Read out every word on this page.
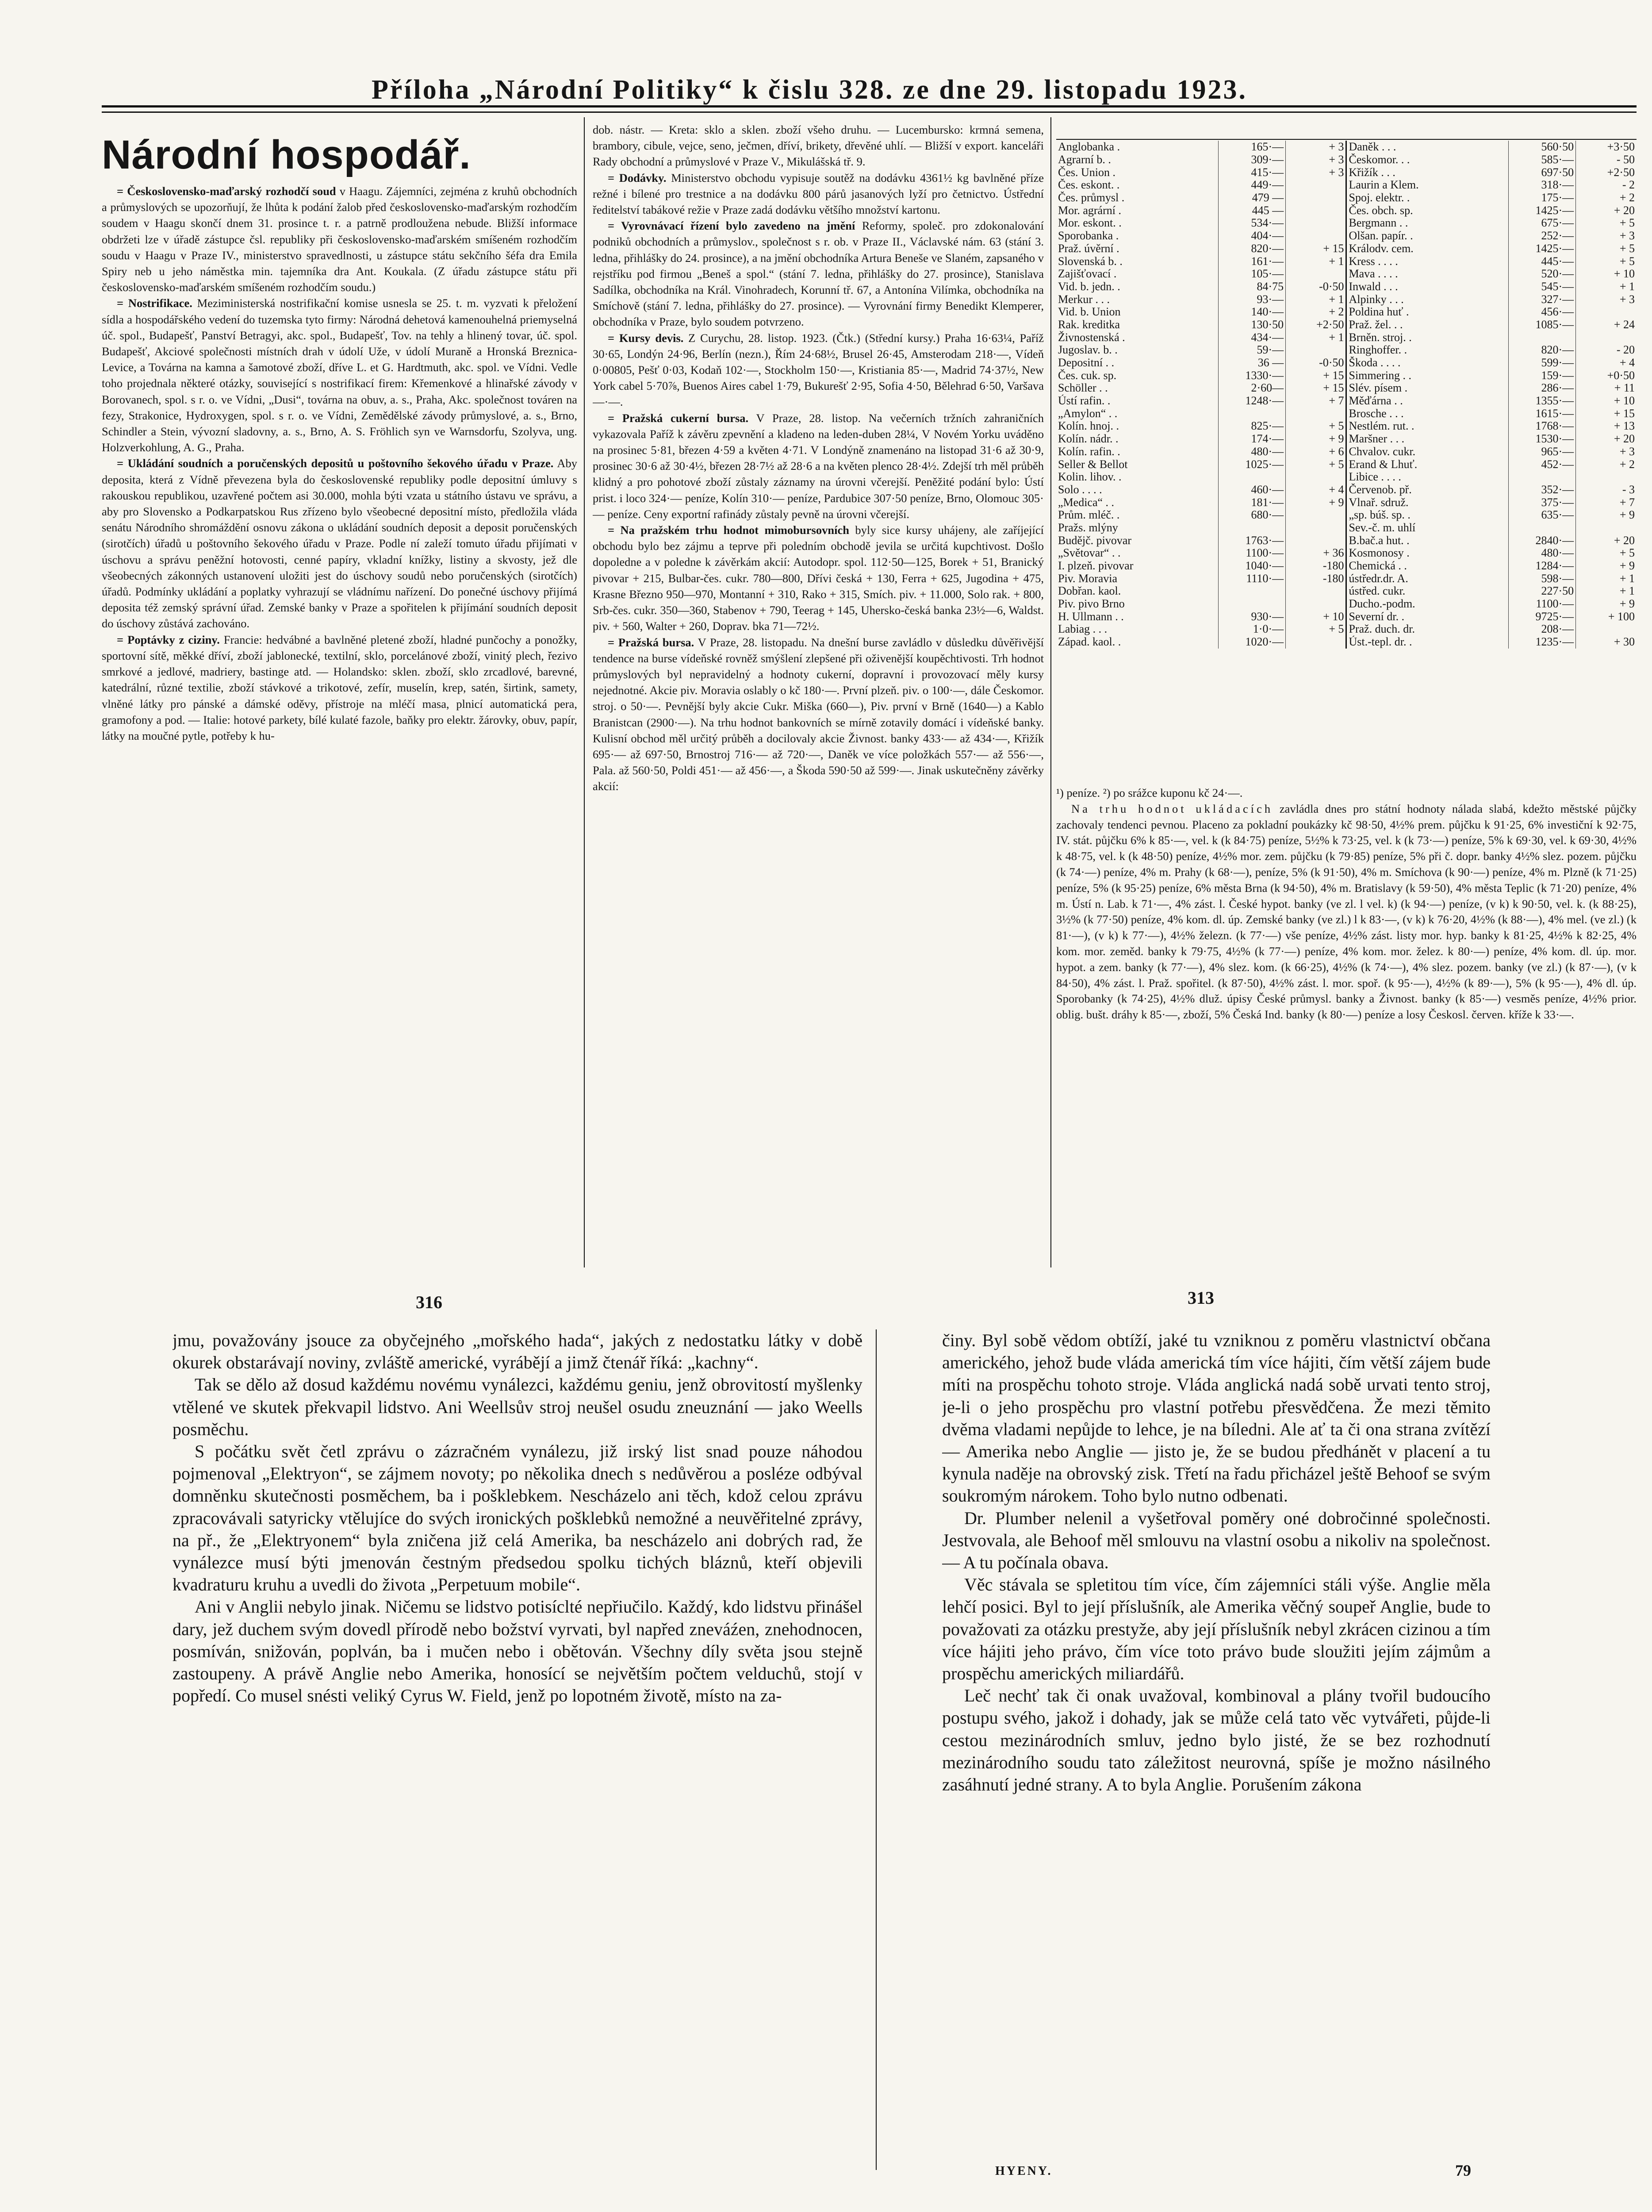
Příloha „Národní Politiky“ k čislu 328. ze dne 29. listopadu 1923.
Národní hospodář.

= Československo-maďarský rozhodčí soud v Haagu. Zájemníci, zejména z kruhů obchodních a průmyslových se upozorňují, že lhůta k podání žalob před československo-maďarským rozhodčím soudem v Haagu skončí dnem 31. prosince t. r. a patrně prodloužena nebude. Bližší informace obdržeti lze v úřadě zástupce čsl. republiky při československo-maďarském smíšeném rozhodčím soudu v Haagu v Praze IV., ministerstvo spravedlnosti, u zástupce státu sekčního šéfa dra Emila Spiry neb u jeho náměstka min. tajemníka dra Ant. Koukala. (Z úřadu zástupce státu při československo-maďarském smíšeném rozhodčím soudu.)

= Nostrifikace. Meziministerská nostrifikační komise usnesla se 25. t. m. vyzvati k přeložení sídla a hospodářského vedení do tuzemska tyto firmy: Národná dehetová kamenouhelná priemyselná úč. spol., Budapešť, Panství Betragyi, akc. spol., Budapešť, Tov. na tehly a hlinený tovar, úč. spol. Budapešť, Akciové společnosti místních drah v údolí Uže, v údolí Muraně a Hronská Breznica-Levice, a Továrna na kamna a šamotové zboží, dříve L. et G. Hardtmuth, akc. spol. ve Vídni. Vedle toho projednala některé otázky, související s nostrifikací firem: Křemenkové a hlinařské závody v Borovanech, spol. s r. o. ve Vídni, „Dusi“, továrna na obuv, a. s., Praha, Akc. společnost továren na fezy, Strakonice, Hydroxygen, spol. s r. o. ve Vídni, Zemědělské závody průmyslové, a. s., Brno, Schindler a Stein, vývozní sladovny, a. s., Brno, A. S. Fröhlich syn ve Warnsdorfu, Szolyva, ung. Holzverkohlung, A. G., Praha.

= Ukládání soudních a poručenských depositů u poštovního šekového úřadu v Praze. Aby deposita, která z Vídně převezena byla do československé republiky podle depositní úmluvy s rakouskou republikou, uzavřené počtem asi 30.000, mohla býti vzata u státního ústavu ve správu, a aby pro Slovensko a Podkarpatskou Rus zřízeno bylo všeobecné depositní místo, předložila vláda senátu Národního shromáždění osnovu zákona o ukládání soudních deposit a deposit poručenských (sirotčích) úřadů u poštovního šekového úřadu v Praze. Podle ní zaleží tomuto úřadu přijímati v úschovu a správu peněžní hotovosti, cenné papíry, vkladní knížky, listiny a skvosty, jež dle všeobecných zákonných ustanovení uložiti jest do úschovy soudů nebo poručenských (sirotčích) úřadů. Podmínky ukládání a poplatky vyhrazují se vládnímu nařízení. Do ponečné úschovy přijímá deposita též zemský správní úřad. Zemské banky v Praze a spořitelen k přijímání soudních deposit do úschovy zůstává zachováno.

= Poptávky z ciziny. Francie: hedvábné a bavlněné pletené zboží, hladné punčochy a ponožky, sportovní sítě, měkké dříví, zboží jablonecké, textilní, sklo, porcelánové zboží, vinitý plech, řezivo smrkové a jedlové, madriery, bastinge atd. — Holandsko: sklen. zboží, sklo zrcadlové, barevné, katedrální, různé textilie, zboží stávkové a trikotové, zefír, muselín, krep, satén, širtink, samety, vlněné látky pro pánské a dámské oděvy, přístroje na mléčí masa, plnicí automatická pera, gramofony a pod. — Italie: hotové parkety, bílé kulaté fazole, baňky pro elektr. žárovky, obuv, papír, látky na moučné pytle, potřeby k hu-

dob. nástr. — Kreta: sklo a sklen. zboží všeho druhu. — Lucembursko: krmná semena, brambory, cibule, vejce, seno, ječmen, dříví, brikety, dřevěné uhlí. — Bližší v export. kanceláři Rady obchodní a průmyslové v Praze V., Mikulášská tř. 9.

= Dodávky. Ministerstvo obchodu vypisuje soutěž na dodávku 4361½ kg bavlněné příze režné i bílené pro trestnice a na dodávku 800 párů jasanových lyží pro četnictvo. Ústřední ředitelství tabákové režie v Praze zadá dodávku většího množství kartonu.

= Vyrovnávací řízení bylo zavedeno na jmění Reformy, společ. pro zdokonalování podniků obchodních a průmyslov., společnost s r. ob. v Praze II., Václavské nám. 63 (stání 3. ledna, přihlášky do 24. prosince), a na jmění obchodníka Artura Beneše ve Slaném, zapsaného v rejstříku pod firmou „Beneš a spol.“ (stání 7. ledna, přihlášky do 27. prosince), Stanislava Sadílka, obchodníka na Král. Vinohradech, Korunní tř. 67, a Antonína Vilímka, obchodníka na Smíchově (stání 7. ledna, přihlášky do 27. prosince). — Vyrovnání firmy Benedikt Klemperer, obchodníka v Praze, bylo soudem potvrzeno.

= Kursy devis. Z Curychu, 28. listop. 1923. (Čtk.) (Střední kursy.) Praha 16·63¼, Paříž 30·65, Londýn 24·96, Berlín (nezn.), Řím 24·68½, Brusel 26·45, Amsterodam 218·—, Vídeň 0·00805, Pešť 0·03, Kodaň 102·—, Stockholm 150·—, Kristiania 85·—, Madrid 74·37½, New York cabel 5·70⅞, Buenos Aires cabel 1·79, Bukurešť 2·95, Sofia 4·50, Bělehrad 6·50, Varšava —·—.

= Pražská cukerní bursa. V Praze, 28. listop. Na večerních tržních zahraničních vykazovala Paříž k závěru zpevnění a kladeno na leden-duben 28¼, V Novém Yorku uváděno na prosinec 5·81, březen 4·59 a květen 4·71. V Londýně znamenáno na listopad 31·6 až 30·9, prosinec 30·6 až 30·4½, březen 28·7½ až 28·6 a na květen plenco 28·4½. Zdejší trh měl průběh klidný a pro pohotové zboží zůstaly záznamy na úrovni včerejší. Peněžité podání bylo: Ústí prist. i loco 324·— peníze, Kolín 310·— peníze, Pardubice 307·50 peníze, Brno, Olomouc 305·— peníze. Ceny exportní rafinády zůstaly pevně na úrovni včerejší.

= Na pražském trhu hodnot mimobursovních byly sice kursy uhájeny, ale zaříjející obchodu bylo bez zájmu a teprve při poledním obchodě jevila se určitá kupchtivost. Došlo dopoledne a v poledne k závěrkám akcií: Autodopr. spol. 112·50—125, Borek + 51, Branický pivovar + 215, Bulbar-čes. cukr. 780—800, Dřívi česká + 130, Ferra + 625, Jugodina + 475, Krasne Březno 950—970, Montanní + 310, Rako + 315, Smích. piv. + 11.000, Solo rak. + 800, Srb-čes. cukr. 350—360, Stabenov + 790, Teerag + 145, Uhersko-česká banka 23½—6, Waldst. piv. + 560, Walter + 260, Doprav. bka 71—72½.

= Pražská bursa. V Praze, 28. listopadu. Na dnešní burse zavládlo v důsledku důvěřivější tendence na burse vídeňské rovněž smýšlení zlepšené při oživenější koupěchtivosti. Trh hodnot průmyslových byl nepravidelný a hodnoty cukerní, dopravní i provozovací měly kursy nejednotné. Akcie piv. Moravia oslably o kč 180·—. První plzeň. piv. o 100·—, dále Českomor. stroj. o 50·—. Pevnější byly akcie Cukr. Miška (660—), Piv. první v Brně (1640—) a Kablo Branistcan (2900·—). Na trhu hodnot bankovních se mírně zotavily domácí i vídeňské banky. Kulisní obchod měl určitý průběh a docilovaly akcie Živnost. banky 433·— až 434·—, Křižík 695·— až 697·50, Brnostroj 716·— až 720·—, Daněk ve více položkách 557·— až 556·—, Pala. až 560·50, Poldi 451·— až 456·—, a Škoda 590·50 až 599·—. Jinak uskutečněny závěrky akcií:

Anglobanka .	165·—	+ 3	Daněk . . .	560·50	+3·50
Agrarní b. .	309·—	+ 3	Českomor. . .	585·—	- 50
Čes. Union .	415·—	+ 3	Křižík . . .	697·50	+2·50
Čes. eskont. .	449·—		Laurin a Klem.	318·—	- 2
Čes. průmysl .	479 —		Spoj. elektr. .	175·—	+ 2
Mor. agrární .	445 —		Čes. obch. sp.	1425·—	+ 20
Mor. eskont. .	534·—		Bergmann . .	675·—	+ 5
Sporobanka .	404·—		Olšan. papír. .	252·—	+ 3
Praž. úvěrní .	820·—	+ 15	Králodv. cem.	1425·—	+ 5
Slovenská b. .	161·—	+ 1	Kress . . . .	445·—	+ 5
Zajišťovací .	105·—		Mava . . . .	520·—	+ 10
Vid. b. jedn. .	84·75	-0·50	Inwald . . .	545·—	+ 1
Merkur . . .	93·—	+ 1	Alpinky . . .	327·—	+ 3
Vid. b. Union	140·—	+ 2	Poldina huť .	456·—	
Rak. kreditka	130·50	+2·50	Praž. žel. . .	1085·—	+ 24
Živnostenská .	434·—	+ 1	Brněn. stroj. .		
Jugoslav. b. .	59·—		Ringhoffer. .	820·—	- 20
Depositní . .	36 —	-0·50	Škoda . . . .	599·—	+ 4
Čes. cuk. sp.	1330·—	+ 15	Simmering . .	159·—	+0·50
Schöller . .	2·60—	+ 15	Slév. písem .	286·—	+ 11
Ústí rafin. .	1248·—	+ 7	Měďárna . .	1355·—	+ 10
„Amylon“ . .			Brosche . . .	1615·—	+ 15
Kolín. hnoj. .	825·—	+ 5	Nestlém. rut. .	1768·—	+ 13
Kolín. nádr. .	174·—	+ 9	Maršner . . .	1530·—	+ 20
Kolín. rafin. .	480·—	+ 6	Chvalov. cukr.	965·—	+ 3
Seller & Bellot	1025·—	+ 5	Erand & Lhuť.	452·—	+ 2
Kolin. lihov. .			Libice . . . .		
Solo . . . .	460·—	+ 4	Červenob. př.	352·—	- 3
„Medica“ . .	181·—	+ 9	Vlnař. sdruž.	375·—	+ 7
Prům. mléč. .	680·—		„sp. búš. sp. .	635·—	+ 9
Pražs. mlýny			Sev.-č. m. uhlí		
Budějč. pivovar	1763·—		B.bač.a hut. .	2840·—	+ 20
„Světovar“ . .	1100·—	+ 36	Kosmonosy .	480·—	+ 5
I. plzeň. pivovar	1040·—	-180	Chemická . .	1284·—	+ 9
Piv. Moravia	1110·—	-180	ústředr.dr. A.	598·—	+ 1
Dobřan. kaol.			ústřed. cukr.	227·50	+ 1
Piv. pivo Brno			Ducho.-podm.	1100·—	+ 9
H. Ullmann . .	930·—	+ 10	Severní dr. .	9725·—	+ 100
Labiag . . .	1·0·—	+ 5	Praž. duch. dr.	208·—	
Západ. kaol. .	1020·—		Úst.-tepl. dr. .	1235·—	+ 30

¹) peníze. ²) po srážce kuponu kč 24·—.

Na trhu hodnot ukládacích zavládla dnes pro státní hodnoty nálada slabá, kdežto městské půjčky zachovaly tendenci pevnou. Placeno za pokladní poukázky kč 98·50, 4½% prem. půjčku k 91·25, 6% investiční k 92·75, IV. stát. půjčku 6% k 85·—, vel. k (k 84·75) peníze, 5½% k 73·25, vel. k (k 73·—) peníze, 5% k 69·30, vel. k 69·30, 4½% k 48·75, vel. k (k 48·50) peníze, 4½% mor. zem. půjčku (k 79·85) peníze, 5% při č. dopr. banky 4½% slez. pozem. půjčku (k 74·—) peníze, 4% m. Prahy (k 68·—), peníze, 5% (k 91·50), 4% m. Smíchova (k 90·—) peníze, 4% m. Plzně (k 71·25) peníze, 5% (k 95·25) peníze, 6% města Brna (k 94·50), 4% m. Bratislavy (k 59·50), 4% města Teplic (k 71·20) peníze, 4% m. Ústí n. Lab. k 71·—, 4% zást. l. České hypot. banky (ve zl. l vel. k) (k 94·—) peníze, (v k) k 90·50, vel. k. (k 88·25), 3½% (k 77·50) peníze, 4% kom. dl. úp. Zemské banky (ve zl.) l k 83·—, (v k) k 76·20, 4½% (k 88·—), 4% mel. (ve zl.) (k 81·—), (v k) k 77·—), 4½% železn. (k 77·—) vše peníze, 4½% zást. listy mor. hyp. banky k 81·25, 4½% k 82·25, 4% kom. mor. zeměd. banky k 79·75, 4½% (k 77·—) peníze, 4% kom. mor. želez. k 80·—) peníze, 4% kom. dl. úp. mor. hypot. a zem. banky (k 77·—), 4% slez. kom. (k 66·25), 4½% (k 74·—), 4% slez. pozem. banky (ve zl.) (k 87·—), (v k 84·50), 4% zást. l. Praž. spořitel. (k 87·50), 4½% zást. l. mor. spoř. (k 95·—), 4½% (k 89·—), 5% (k 95·—), 4% dl. úp. Sporobanky (k 74·25), 4½% dluž. úpisy České průmysl. banky a Živnost. banky (k 85·—) vesměs peníze, 4½% prior. oblig. bušt. dráhy k 85·—, zboží, 5% Česká Ind. banky (k 80·—) peníze a losy Českosl. červen. kříže k 33·—.

316	313

jmu, považovány jsouce za obyčejného „mořského hada“, jakých z nedostatku látky v době okurek obstarávají noviny, zvláště americké, vyrábějí a jimž čtenář říká: „kachny“.

Tak se dělo až dosud každému novému vynálezci, každému geniu, jenž obrovitostí myšlenky vtělené ve skutek překvapil lidstvo. Ani Weellsův stroj neušel osudu zneuznání — jako Weells posměchu.

S počátku svět četl zprávu o zázračném vynálezu, již irský list snad pouze náhodou pojmenoval „Elektryon“, se zájmem novoty; po několika dnech s nedůvěrou a posléze odbýval domněnku skutečnosti posměchem, ba i pošklebkem. Nescházelo ani těch, kdož celou zprávu zpracovávali satyricky vtělujíce do svých ironických pošklebků nemožné a neuvěřitelné zprávy, na př., že „Elektryonem“ byla zničena již celá Amerika, ba nescházelo ani dobrých rad, že vynálezce musí býti jmenován čestným předsedou spolku tichých bláznů, kteří objevili kvadraturu kruhu a uvedli do života „Perpetuum mobile“.

Ani v Anglii nebylo jinak. Ničemu se lidstvo potisíclté nepřiučilo. Každý, kdo lidstvu přinášel dary, jež duchem svým dovedl přírodě nebo božství vyrvati, byl napřed zneváźen, znehodnocen, posmíván, snižován, poplván, ba i mučen nebo i obětován. Všechny díly světa jsou stejně zastoupeny. A právě Anglie nebo Amerika, honosící se největším počtem velduchů, stojí v popředí. Co musel snésti veliký Cyrus W. Field, jenž po lopotném životě, místo na za-

činy. Byl sobě vědom obtíží, jaké tu vzniknou z poměru vlastnictví občana amerického, jehož bude vláda americká tím více hájiti, čím větší zájem bude míti na prospěchu tohoto stroje. Vláda anglická nadá sobě urvati tento stroj, je-li o jeho prospěchu pro vlastní potřebu přesvědčena. Že mezi těmito dvěma vladami nepůjde to lehce, je na bíledni. Ale ať ta či ona strana zvítězí — Amerika nebo Anglie — jisto je, že se budou předhánět v placení a tu kynula naděje na obrovský zisk. Třetí na řadu přicházel ještě Behoof se svým soukromým nárokem. Toho bylo nutno odbenati.

Dr. Plumber nelenil a vyšetřoval poměry oné dobročinné společnosti. Jestvovala, ale Behoof měl smlouvu na vlastní osobu a nikoliv na společnost. — A tu počínala obava.

Věc stávala se spletitou tím více, čím zájemníci stáli výše. Anglie měla lehčí posici. Byl to její příslušník, ale Amerika věčný soupeř Anglie, bude to považovati za otázku prestyže, aby její příslušník nebyl zkrácen cizinou a tím více hájiti jeho právo, čím více toto právo bude sloužiti jejím zájmům a prospěchu amerických miliardářů.

Leč nechť tak či onak uvažoval, kombinoval a plány tvořil budoucího postupu svého, jakož i dohady, jak se může celá tato věc vytvářeti, půjde-li cestou mezinárodních smluv, jedno bylo jisté, že se bez rozhodnutí mezinárodního soudu tato záležitost neurovná, spíše je možno násilného zasáhnutí jedné strany. A to byla Anglie. Porušením zákona

HYENY.	79
